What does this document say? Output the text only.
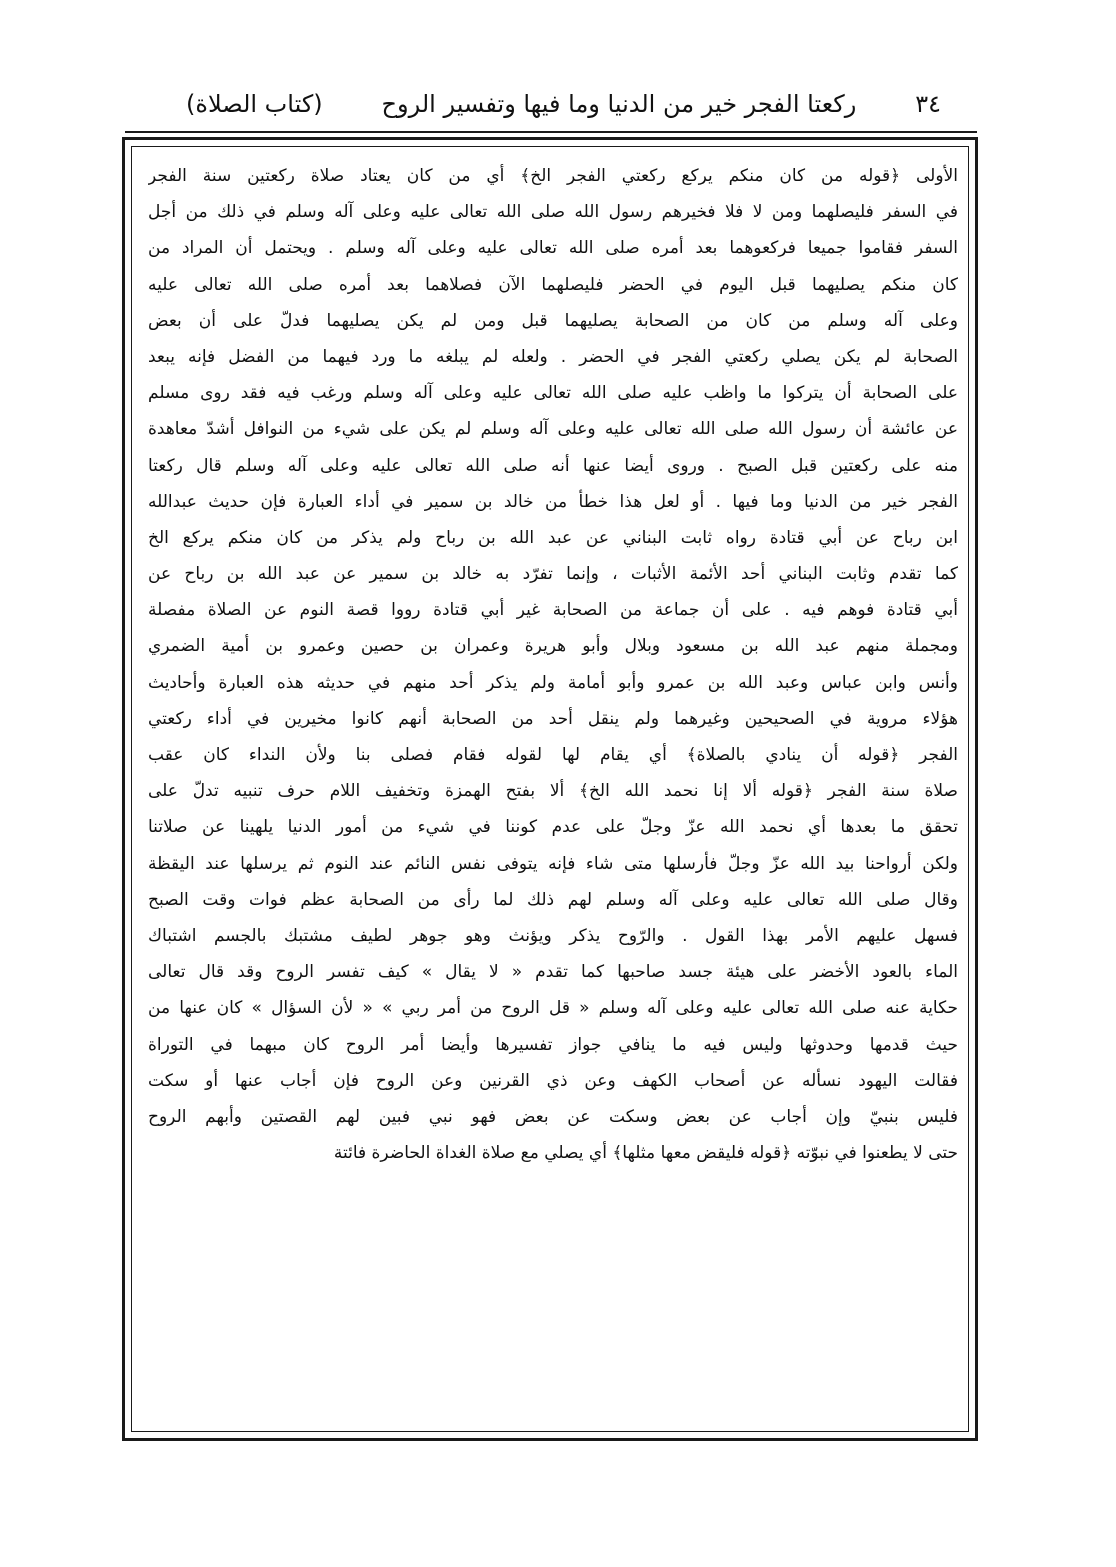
٣٤
ركعتا الفجر خير من الدنيا وما فيها وتفسير الروح
(كتاب الصلاة)
الأولى ﴿قوله من كان منكم يركع ركعتي الفجر الخ﴾ أي من كان يعتاد صلاة ركعتين سنة الفجر
في السفر فليصلهما ومن لا فلا فخيرهم رسول الله صلى الله تعالى عليه وعلى آله وسلم في ذلك من أجل
السفر فقاموا جميعا فركعوهما بعد أمره صلى الله تعالى عليه وعلى آله وسلم . ويحتمل أن المراد من
كان منكم يصليهما قبل اليوم في الحضر فليصلهما الآن فصلاهما بعد أمره صلى الله تعالى عليه
وعلى آله وسلم من كان من الصحابة يصليهما قبل ومن لم يكن يصليهما فدلّ على أن بعض
الصحابة لم يكن يصلي ركعتي الفجر في الحضر . ولعله لم يبلغه ما ورد فيهما من الفضل فإنه يبعد
على الصحابة أن يتركوا ما واظب عليه صلى الله تعالى عليه وعلى آله وسلم ورغب فيه فقد روى مسلم
عن عائشة أن رسول الله صلى الله تعالى عليه وعلى آله وسلم لم يكن على شيء من النوافل أشدّ معاهدة
منه على ركعتين قبل الصبح . وروى أيضا عنها أنه صلى الله تعالى عليه وعلى آله وسلم قال ركعتا
الفجر خير من الدنيا وما فيها . أو لعل هذا خطأ من خالد بن سمير في أداء العبارة فإن حديث عبدالله
ابن رباح عن أبي قتادة رواه ثابت البناني عن عبد الله بن رباح ولم يذكر من كان منكم يركع الخ
كما تقدم وثابت البناني أحد الأئمة الأثبات ، وإنما تفرّد به خالد بن سمير عن عبد الله بن رباح عن
أبي قتادة فوهم فيه . على أن جماعة من الصحابة غير أبي قتادة رووا قصة النوم عن الصلاة مفصلة
ومجملة منهم عبد الله بن مسعود وبلال وأبو هريرة وعمران بن حصين وعمرو بن أمية الضمري
وأنس وابن عباس وعبد الله بن عمرو وأبو أمامة ولم يذكر أحد منهم في حديثه هذه العبارة وأحاديث
هؤلاء مروية في الصحيحين وغيرهما ولم ينقل أحد من الصحابة أنهم كانوا مخيرين في أداء ركعتي
الفجر ﴿قوله أن ينادي بالصلاة﴾ أي يقام لها لقوله فقام فصلى بنا ولأن النداء كان عقب
صلاة سنة الفجر ﴿قوله ألا إنا نحمد الله الخ﴾ ألا بفتح الهمزة وتخفيف اللام حرف تنبيه تدلّ على
تحقق ما بعدها أي نحمد الله عزّ وجلّ على عدم كوننا في شيء من أمور الدنيا يلهينا عن صلاتنا
ولكن أرواحنا بيد الله عزّ وجلّ فأرسلها متى شاء فإنه يتوفى نفس النائم عند النوم ثم يرسلها عند اليقظة
وقال صلى الله تعالى عليه وعلى آله وسلم لهم ذلك لما رأى من الصحابة عظم فوات وقت الصبح
فسهل عليهم الأمر بهذا القول . والرّوح يذكر ويؤنث وهو جوهر لطيف مشتبك بالجسم اشتباك
الماء بالعود الأخضر على هيئة جسد صاحبها كما تقدم « لا يقال » كيف تفسر الروح وقد قال تعالى
حكاية عنه صلى الله تعالى عليه وعلى آله وسلم « قل الروح من أمر ربي » « لأن السؤال » كان عنها من
حيث قدمها وحدوثها وليس فيه ما ينافي جواز تفسيرها وأيضا أمر الروح كان مبهما في التوراة
فقالت اليهود نسأله عن أصحاب الكهف وعن ذي القرنين وعن الروح فإن أجاب عنها أو سكت
فليس بنبيّ وإن أجاب عن بعض وسكت عن بعض فهو نبي فبين لهم القصتين وأبهم الروح
حتى لا يطعنوا في نبوّته ﴿قوله فليقض معها مثلها﴾ أي يصلي مع صلاة الغداة الحاضرة فائتة
